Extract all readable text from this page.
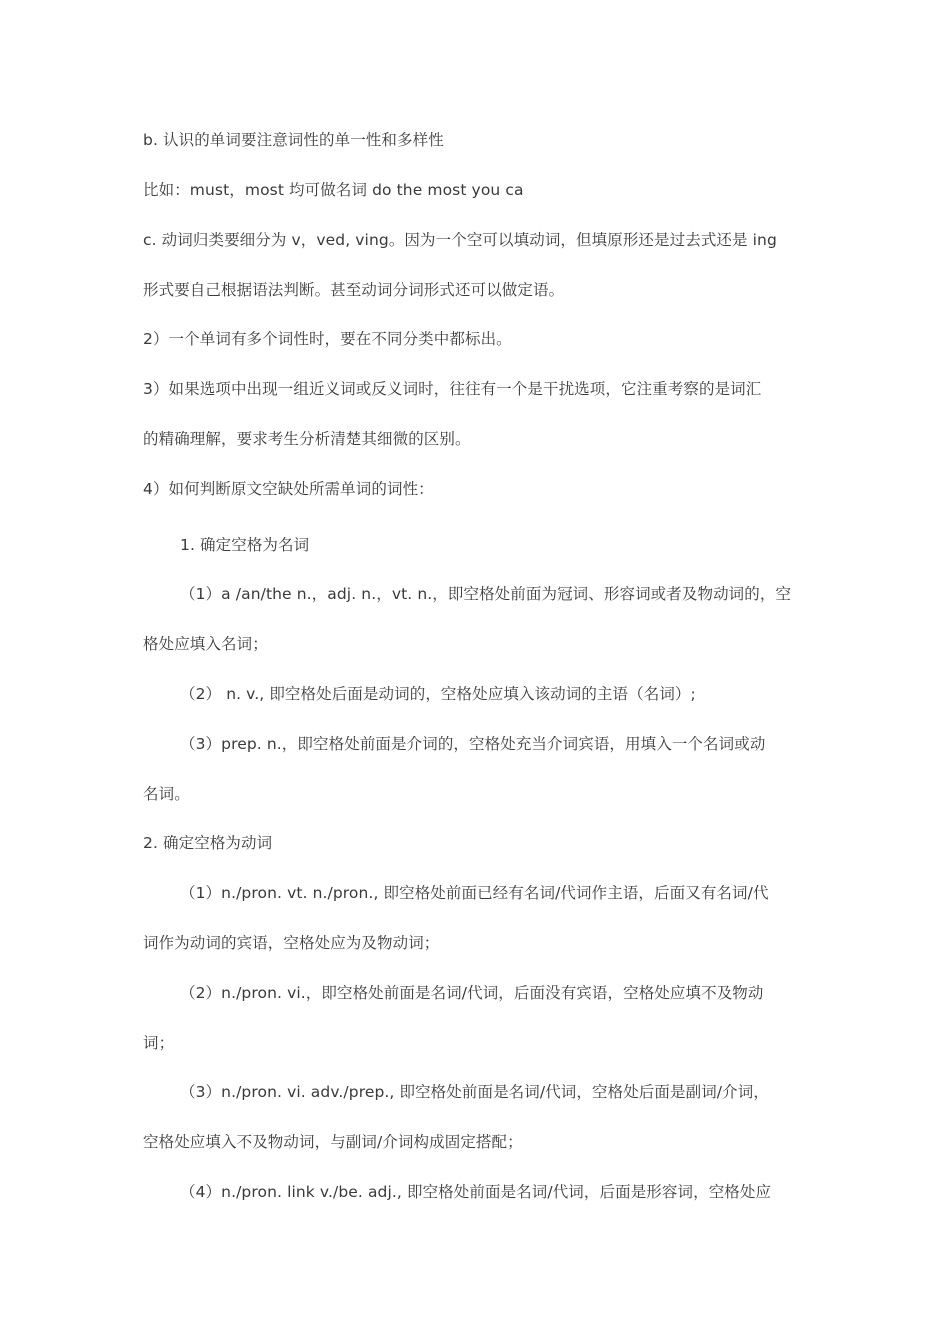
b. 认识的单词要注意词性的单一性和多样性
比如：must，most 均可做名词 do the most you ca
c. 动词归类要细分为 v，ved, ving。因为一个空可以填动词，但填原形还是过去式还是 ing
形式要自己根据语法判断。甚至动词分词形式还可以做定语。
2）一个单词有多个词性时，要在不同分类中都标出。
3）如果选项中出现一组近义词或反义词时，往往有一个是干扰选项，它注重考察的是词汇
的精确理解，要求考生分析清楚其细微的区别。
4）如何判断原文空缺处所需单词的词性：
1. 确定空格为名词
（1）a /an/the n.，adj. n.，vt. n.，即空格处前面为冠词、形容词或者及物动词的，空
格处应填入名词；
（2） n. v., 即空格处后面是动词的，空格处应填入该动词的主语（名词）;
（3）prep. n.，即空格处前面是介词的，空格处充当介词宾语，用填入一个名词或动
名词。
2. 确定空格为动词
（1）n./pron. vt. n./pron., 即空格处前面已经有名词/代词作主语，后面又有名词/代
词作为动词的宾语，空格处应为及物动词；
（2）n./pron. vi.，即空格处前面是名词/代词，后面没有宾语，空格处应填不及物动
词；
（3）n./pron. vi. adv./prep., 即空格处前面是名词/代词，空格处后面是副词/介词，
空格处应填入不及物动词，与副词/介词构成固定搭配；
（4）n./pron. link v./be. adj., 即空格处前面是名词/代词，后面是形容词，空格处应
